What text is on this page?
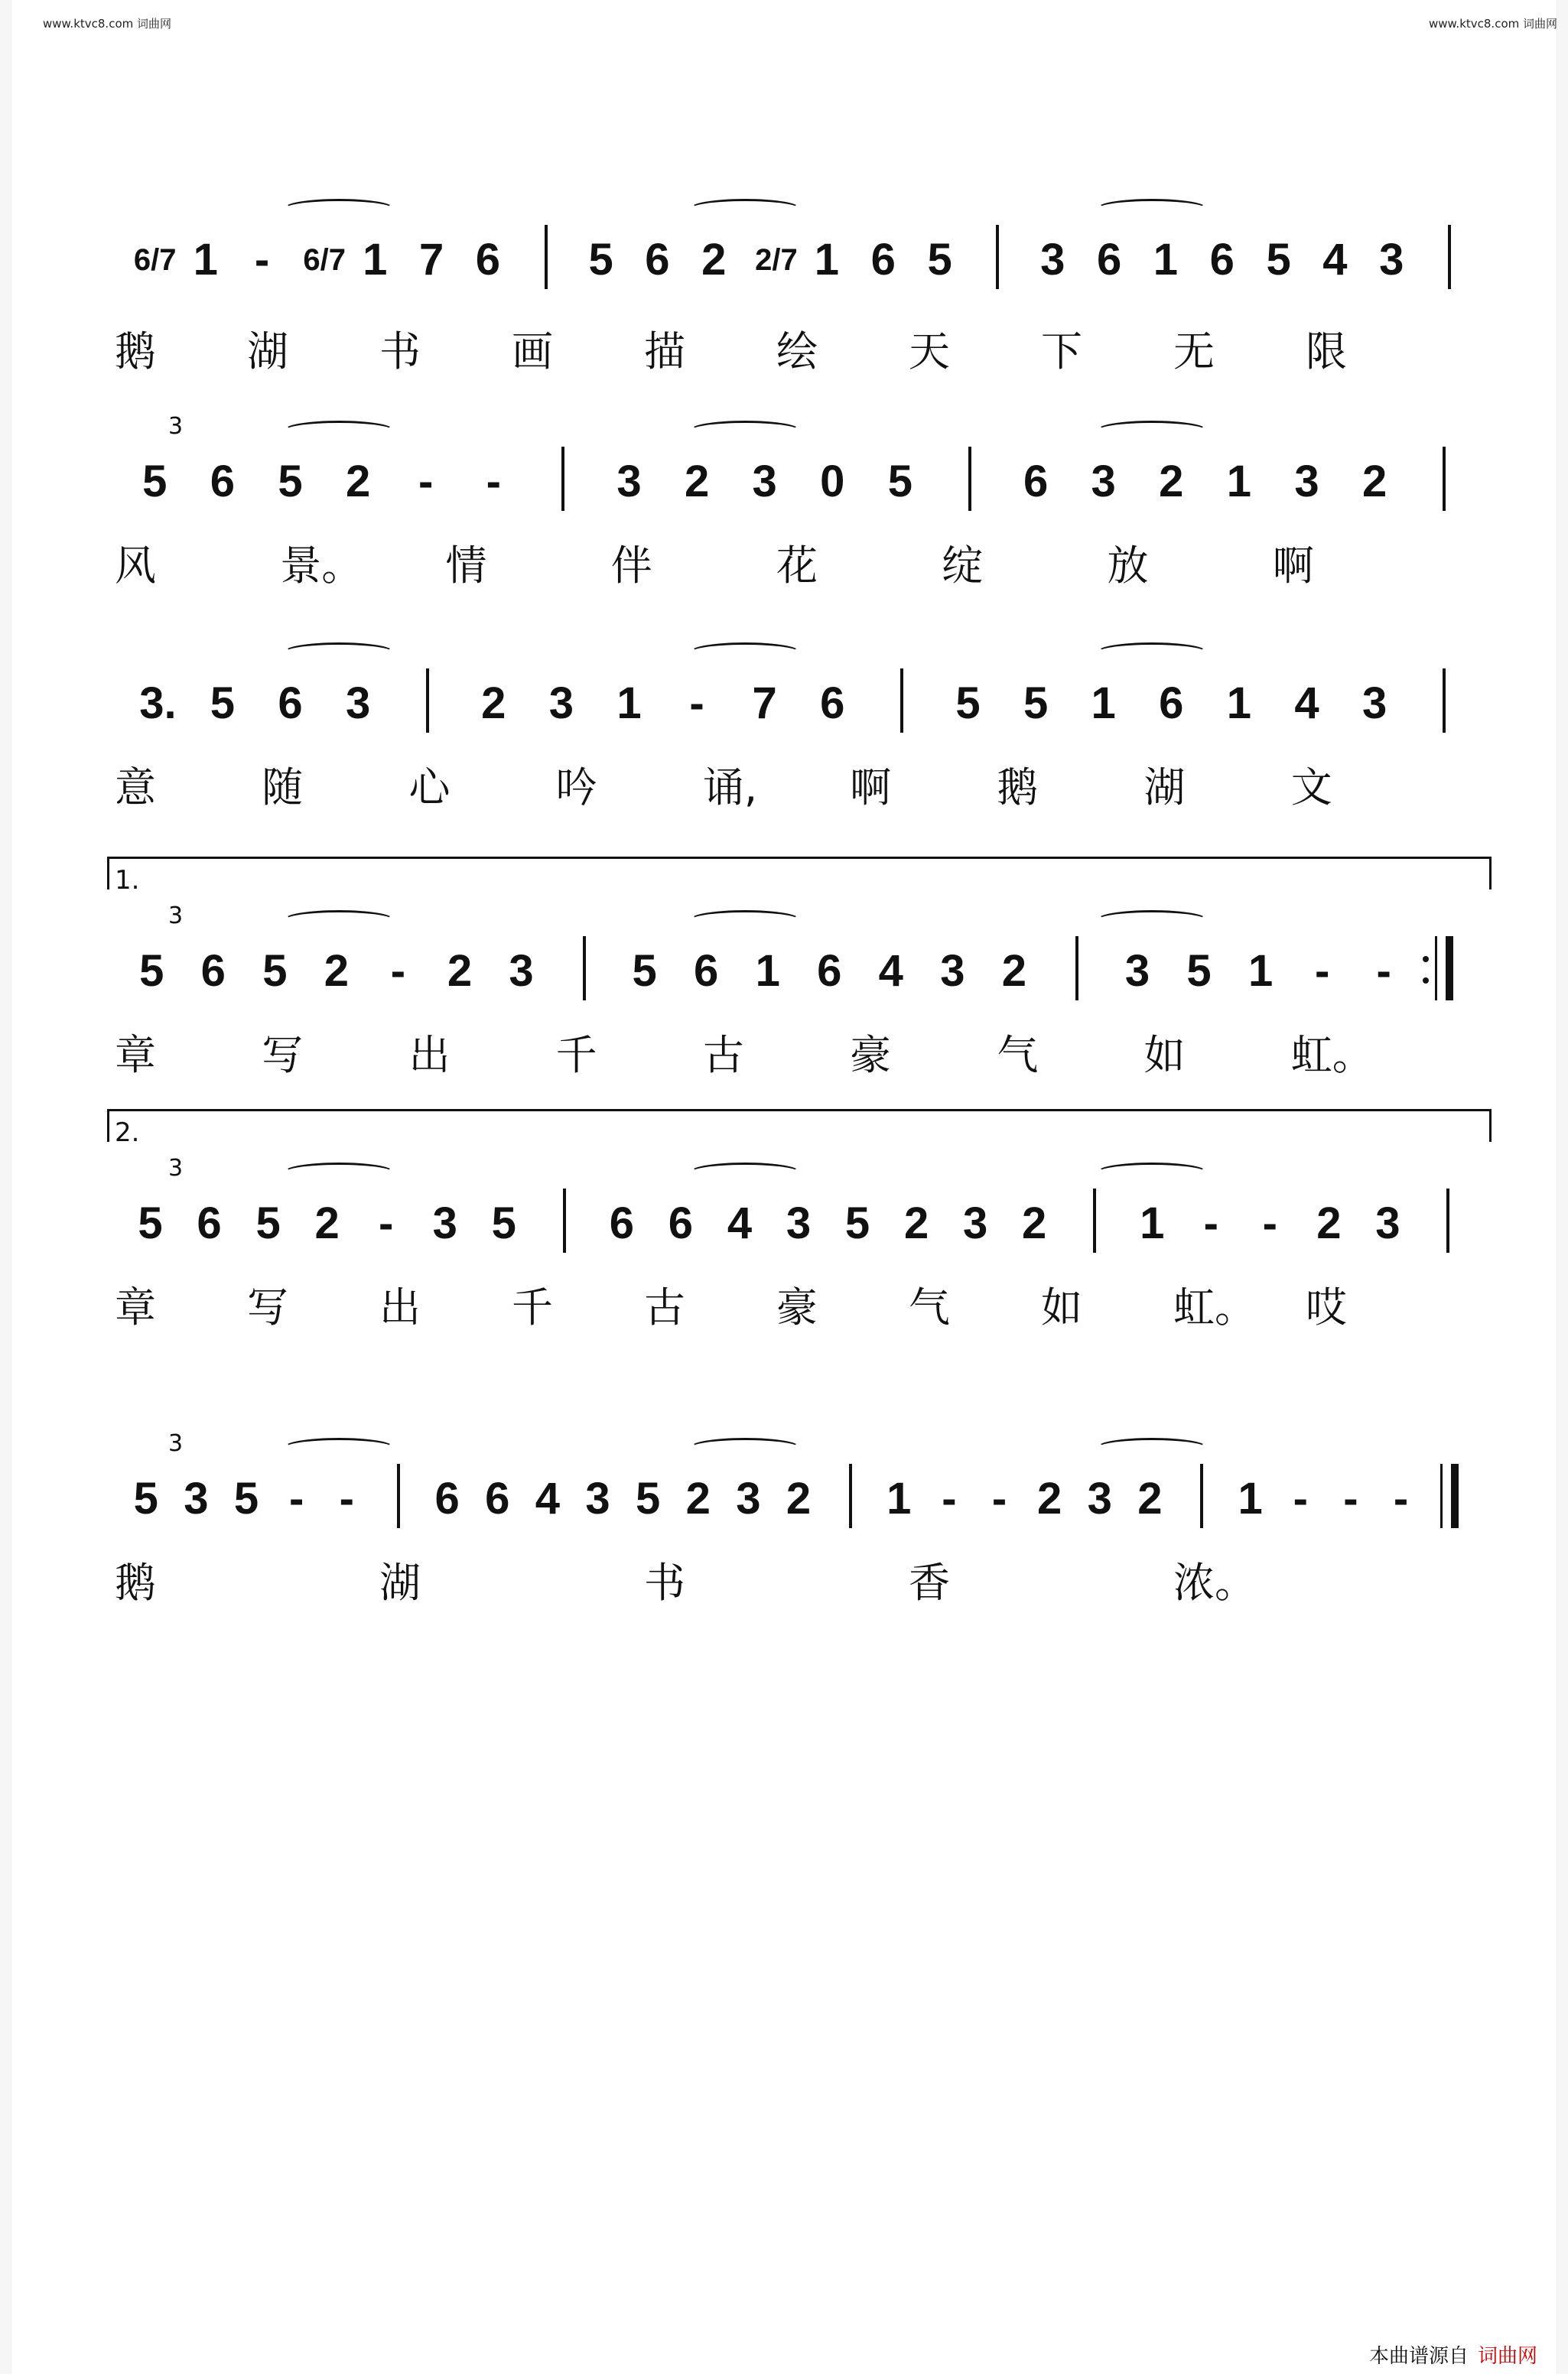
www.ktvc8.com 词曲网	www.ktvc8.com 词曲网
6/7 1 - 6/7 1 7 6 5 6 2 2/7 1 6 5 3 6 1 6 5 4 3
鹅 湖 书 画 描 绘 天 下 无 限
5 6 5 2 - -	3 2 3 0 5 6 3 2 1 3 2
风	景。 情	伴	花	绽	放	啊
3
3. 5 6 3 2 3 1 - 7 6 5 5 1 6 1 4 3
意	随	心	吟	诵, 啊	鹅	湖	文
1.
5 6 5 2 - 2 3 5 6 1 6 4 3 2 3 5 1 - -
章	写	出	千	古	豪	气	如	虹。
3
2.
5 6 5 2 - 3 5 6 6 4 3 5 2 3 2 1 - - 2 3
章 写 出 千 古 豪 气 如 虹。 哎
3
5 3 5 - - 6 6 4 3 5 2 3 2 1 - - 2 3 2 1 - - -
鹅	湖	书	香	浓。
3
本曲谱源自 词曲网
